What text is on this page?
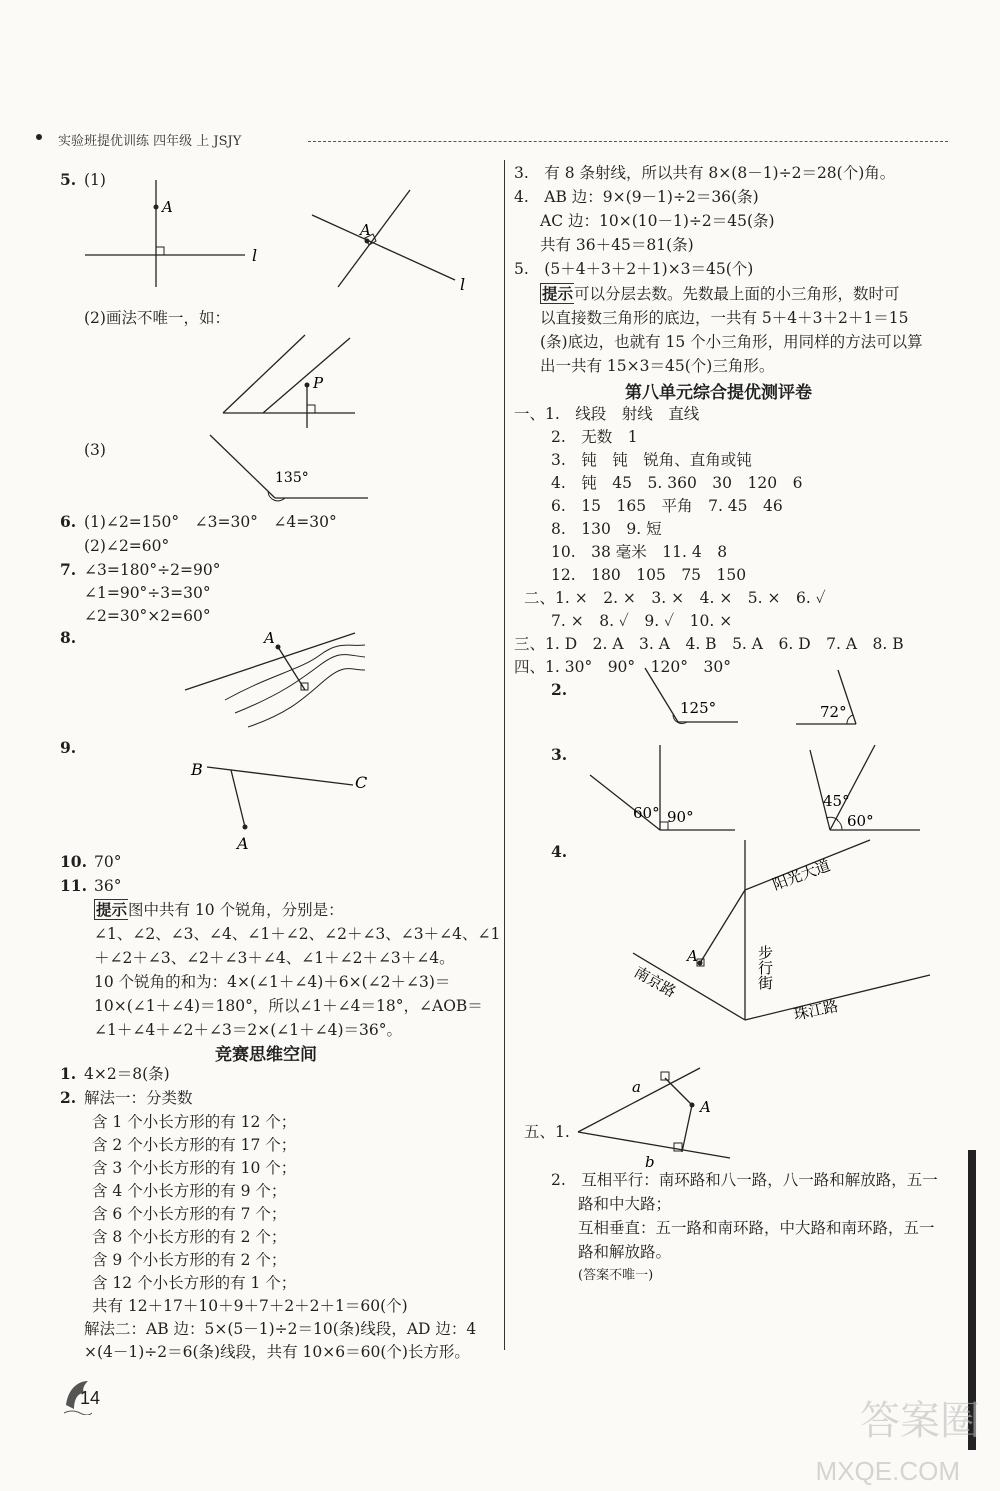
实验班提优训练 四年级 上 JSJY
5. (1)
A
l
A
l
(2)画法不唯一，如：
P
(3)
135°
6. (1)∠2=150°　∠3=30°　∠4=30°
(2)∠2=60°
7. ∠3=180°÷2=90°
∠1=90°÷3=30°
∠2=30°×2=60°
8.	A
9.
B
C
A
10. 70°
11. 36°
提示图中共有 10 个锐角，分别是：
∠1、∠2、∠3、∠4、∠1＋∠2、∠2＋∠3、∠3＋∠4、∠1
＋∠2＋∠3、∠2＋∠3＋∠4、∠1＋∠2＋∠3＋∠4。
10 个锐角的和为：4×(∠1＋∠4)＋6×(∠2＋∠3)＝
10×(∠1＋∠4)＝180°，所以∠1＋∠4＝18°，∠AOB＝
∠1＋∠4＋∠2＋∠3＝2×(∠1＋∠4)＝36°。
竞赛思维空间
1. 4×2＝8(条)
2. 解法一：分类数
含 1 个小长方形的有 12 个；
含 2 个小长方形的有 17 个；
含 3 个小长方形的有 10 个；
含 4 个小长方形的有 9 个；
含 6 个小长方形的有 7 个；
含 8 个小长方形的有 2 个；
含 9 个小长方形的有 2 个；
含 12 个小长方形的有 1 个；
共有 12＋17＋10＋9＋7＋2＋2＋1＝60(个)
解法二：AB 边：5×(5－1)÷2＝10(条)线段，AD 边：4
×(4－1)÷2＝6(条)线段，共有 10×6＝60(个)长方形。
14
3.　有 8 条射线，所以共有 8×(8－1)÷2＝28(个)角。
4.　AB 边：9×(9－1)÷2＝36(条)
AC 边：10×(10－1)÷2＝45(条)
共有 36＋45＝81(条)
5.　(5＋4＋3＋2＋1)×3＝45(个)
提示可以分层去数。先数最上面的小三角形，数时可
以直接数三角形的底边，一共有 5＋4＋3＋2＋1＝15
(条)底边，也就有 15 个小三角形，用同样的方法可以算
出一共有 15×3＝45(个)三角形。
第八单元综合提优测评卷
一、1.　线段　射线　直线
2.　无数　1
3.　钝　钝　锐角、直角或钝
4.　钝　45　5. 360　30　120　6
6.　15　165　平角　7. 45　46
8.　130　9. 短
10.　38 毫米　11. 4　8
12.　180　105　75　150
二、1. ×　2. ×　3. ×　4. ×　5. ×　6. ✓
7. ×　8. ✓　9. ✓　10. ×
三、1. D　2. A　3. A　4. B　5. A　6. D　7. A　8. B
四、1. 30°　90°　120°　30°
2.
125°	72°
3.
60° 90°
45°
60°
4.
A
阳光大道
步行街
南京路
珠江路
五、1.
a
A
b
2.　互相平行：南环路和八一路，八一路和解放路，五一
路和中大路；
互相垂直：五一路和南环路，中大路和南环路，五一
路和解放路。
(答案不唯一)
答案圈
MXQE.COM
